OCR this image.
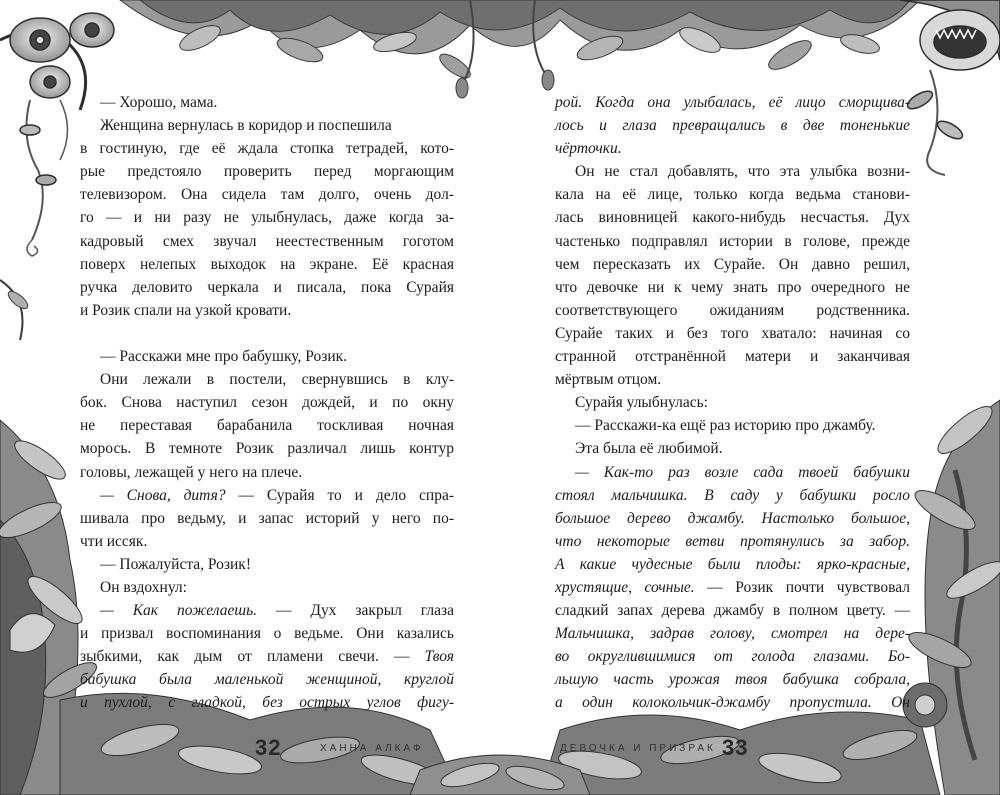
— Хорошо, мама.
Женщина вернулась в коридор и поспешила
в гостиную, где её ждала стопка тетрадей, кото-
рые предстояло проверить перед моргающим
телевизором. Она сидела там долго, очень дол-
го — и ни разу не улыбнулась, даже когда за-
кадровый смех звучал неестественным гоготом
поверх нелепых выходок на экране. Её красная
ручка деловито черкала и писала, пока Сурайя
и Розик спали на узкой кровати.
— Расскажи мне про бабушку, Розик.
Они лежали в постели, свернувшись в клу-
бок. Снова наступил сезон дождей, и по окну
не переставая барабанила тоскливая ночная
морось. В темноте Розик различал лишь контур
головы, лежащей у него на плече.
— Снова, дитя? — Сурайя то и дело спра-
шивала про ведьму, и запас историй у него по-
чти иссяк.
— Пожалуйста, Розик!
Он вздохнул:
— Как пожелаешь. — Дух закрыл глаза
и призвал воспоминания о ведьме. Они казались
зыбкими, как дым от пламени свечи. — Твоя
бабушка была маленькой женщиной, круглой
и пухлой, с гладкой, без острых углов фигу-
рой. Когда она улыбалась, её лицо сморщива-
лось и глаза превращались в две тоненькие
чёрточки.
Он не стал добавлять, что эта улыбка возни-
кала на её лице, только когда ведьма станови-
лась виновницей какого-нибудь несчастья. Дух
частенько подправлял истории в голове, прежде
чем пересказать их Сурайе. Он давно решил,
что девочке ни к чему знать про очередного не
соответствующего ожиданиям родственника.
Сурайе таких и без того хватало: начиная со
странной отстранённой матери и заканчивая
мёртвым отцом.
Сурайя улыбнулась:
— Расскажи-ка ещё раз историю про джамбу.
Эта была её любимой.
— Как-то раз возле сада твоей бабушки
стоял мальчишка. В саду у бабушки росло
большое дерево джамбу. Настолько большое,
что некоторые ветви протянулись за забор.
А какие чудесные были плоды: ярко-красные,
хрустящие, сочные. — Розик почти чувствовал
сладкий запах дерева джамбу в полном цвету. —
Мальчишка, задрав голову, смотрел на дере-
во округлившимися от голода глазами. Бо-
льшую часть урожая твоя бабушка собрала,
а один колокольчик-джамбу пропустила. Он
32	ХАННА АЛКАФ	ДЕВОЧКА И ПРИЗРАК 33
